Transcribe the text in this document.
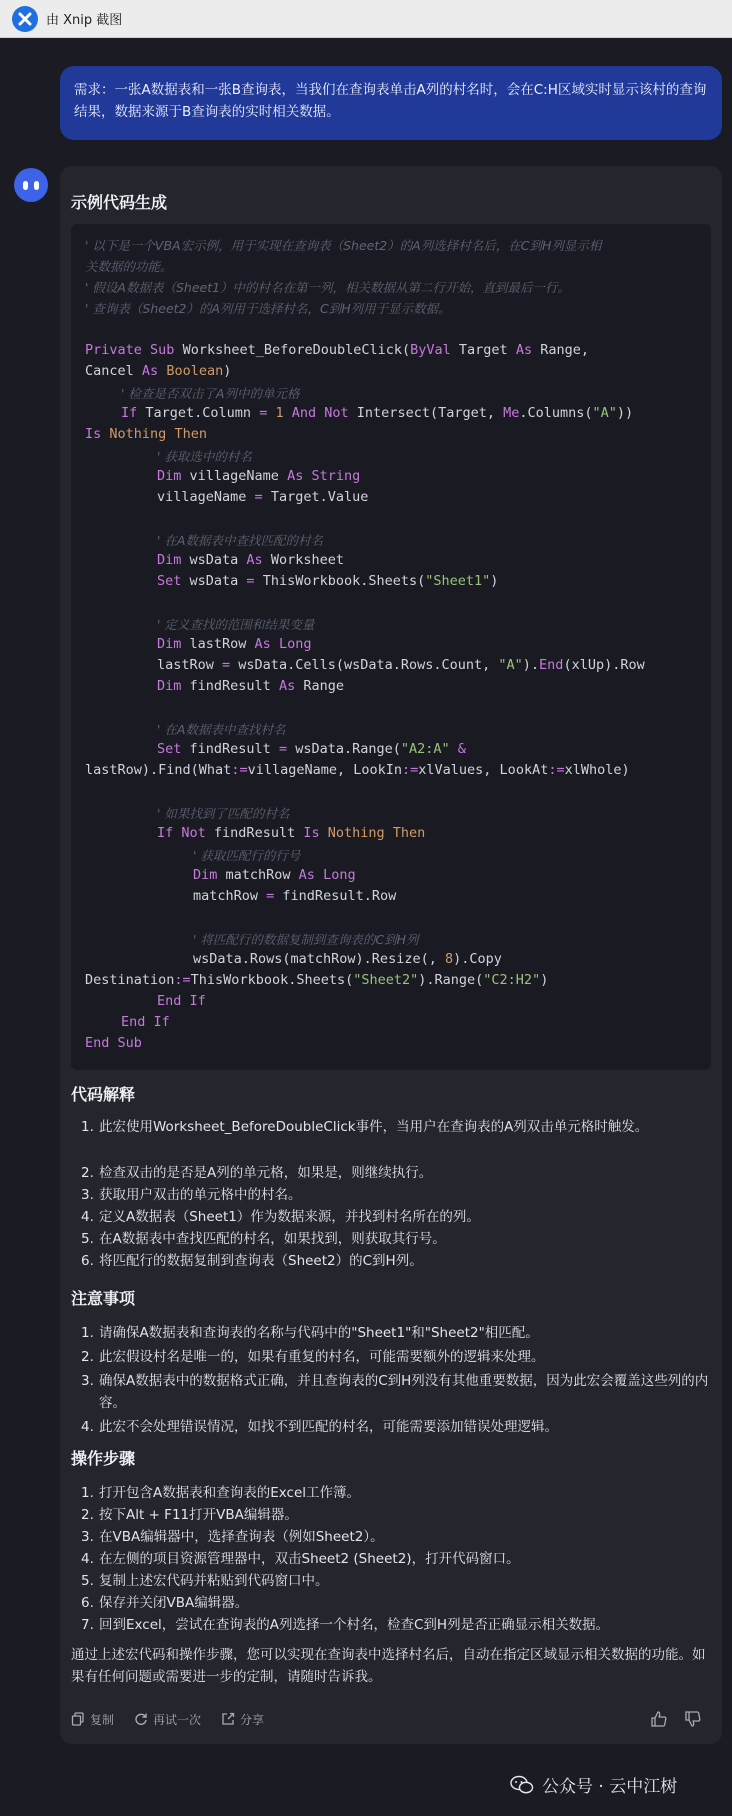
由 Xnip 截图
需求：一张A数据表和一张B查询表，当我们在查询表单击A列的村名时，会在C:H区域实时显示该村的查询结果，数据来源于B查询表的实时相关数据。
示例代码生成
' 以下是一个VBA宏示例，用于实现在查询表（Sheet2）的A列选择村名后，在C到H列显示相
关数据的功能。
' 假设A数据表（Sheet1）中的村名在第一列，相关数据从第二行开始，直到最后一行。
' 查询表（Sheet2）的A列用于选择村名，C到H列用于显示数据。
Private Sub Worksheet_BeforeDoubleClick(ByVal Target As Range,
Cancel As Boolean)
' 检查是否双击了A列中的单元格
If Target.Column = 1 And Not Intersect(Target, Me.Columns("A"))
Is Nothing Then
' 获取选中的村名
Dim villageName As String
villageName = Target.Value
' 在A数据表中查找匹配的村名
Dim wsData As Worksheet
Set wsData = ThisWorkbook.Sheets("Sheet1")
' 定义查找的范围和结果变量
Dim lastRow As Long
lastRow = wsData.Cells(wsData.Rows.Count, "A").End(xlUp).Row
Dim findResult As Range
' 在A数据表中查找村名
Set findResult = wsData.Range("A2:A" &
lastRow).Find(What:=villageName, LookIn:=xlValues, LookAt:=xlWhole)
' 如果找到了匹配的村名
If Not findResult Is Nothing Then
' 获取匹配行的行号
Dim matchRow As Long
matchRow = findResult.Row
' 将匹配行的数据复制到查询表的C到H列
wsData.Rows(matchRow).Resize(, 8).Copy
Destination:=ThisWorkbook.Sheets("Sheet2").Range("C2:H2")
End If
End If
End Sub
代码解释
1. 此宏使用Worksheet_BeforeDoubleClick事件，当用户在查询表的A列双击单元格时触发。
2. 检查双击的是否是A列的单元格，如果是，则继续执行。
3. 获取用户双击的单元格中的村名。
4. 定义A数据表（Sheet1）作为数据来源，并找到村名所在的列。
5. 在A数据表中查找匹配的村名，如果找到，则获取其行号。
6. 将匹配行的数据复制到查询表（Sheet2）的C到H列。
注意事项
1. 请确保A数据表和查询表的名称与代码中的"Sheet1"和"Sheet2"相匹配。
2. 此宏假设村名是唯一的，如果有重复的村名，可能需要额外的逻辑来处理。
3. 确保A数据表中的数据格式正确，并且查询表的C到H列没有其他重要数据，因为此宏会覆盖这些列的内容。
4. 此宏不会处理错误情况，如找不到匹配的村名，可能需要添加错误处理逻辑。
操作步骤
1. 打开包含A数据表和查询表的Excel工作簿。
2. 按下Alt + F11打开VBA编辑器。
3. 在VBA编辑器中，选择查询表（例如Sheet2）。
4. 在左侧的项目资源管理器中，双击Sheet2 (Sheet2)，打开代码窗口。
5. 复制上述宏代码并粘贴到代码窗口中。
6. 保存并关闭VBA编辑器。
7. 回到Excel，尝试在查询表的A列选择一个村名，检查C到H列是否正确显示相关数据。
通过上述宏代码和操作步骤，您可以实现在查询表中选择村名后，自动在指定区域显示相关数据的功能。如果有任何问题或需要进一步的定制，请随时告诉我。
复制	再试一次	分享
公众号 · 云中江树
